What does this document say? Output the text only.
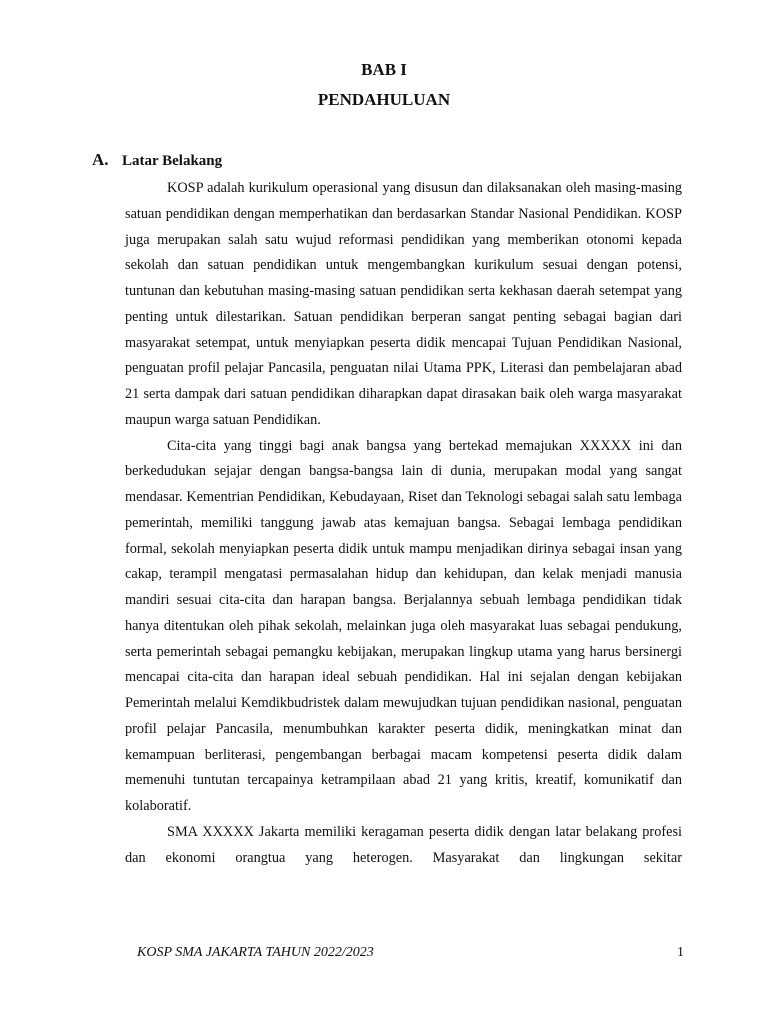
BAB I
PENDAHULUAN
A. Latar Belakang

KOSP adalah kurikulum operasional yang disusun dan dilaksanakan oleh masing-masing satuan pendidikan dengan memperhatikan dan berdasarkan Standar Nasional Pendidikan. KOSP juga merupakan salah satu wujud reformasi pendidikan yang memberikan otonomi kepada sekolah dan satuan pendidikan untuk mengembangkan kurikulum sesuai dengan potensi, tuntunan dan kebutuhan masing-masing satuan pendidikan serta kekhasan daerah setempat yang penting untuk dilestarikan. Satuan pendidikan berperan sangat penting sebagai bagian dari masyarakat setempat, untuk menyiapkan peserta didik mencapai Tujuan Pendidikan Nasional, penguatan profil pelajar Pancasila, penguatan nilai Utama PPK, Literasi dan pembelajaran abad 21 serta dampak dari satuan pendidikan diharapkan dapat dirasakan baik oleh warga masyarakat maupun warga satuan Pendidikan.

Cita-cita yang tinggi bagi anak bangsa yang bertekad memajukan XXXXX ini dan berkedudukan sejajar dengan bangsa-bangsa lain di dunia, merupakan modal yang sangat mendasar. Kementrian Pendidikan, Kebudayaan, Riset dan Teknologi sebagai salah satu lembaga pemerintah, memiliki tanggung jawab atas kemajuan bangsa. Sebagai lembaga pendidikan formal, sekolah menyiapkan peserta didik untuk mampu menjadikan dirinya sebagai insan yang cakap, terampil mengatasi permasalahan hidup dan kehidupan, dan kelak menjadi manusia mandiri sesuai cita-cita dan harapan bangsa. Berjalannya sebuah lembaga pendidikan tidak hanya ditentukan oleh pihak sekolah, melainkan juga oleh masyarakat luas sebagai pendukung, serta pemerintah sebagai pemangku kebijakan, merupakan lingkup utama yang harus bersinergi mencapai cita-cita dan harapan ideal sebuah pendidikan. Hal ini sejalan dengan kebijakan Pemerintah melalui Kemdikbudristek dalam mewujudkan tujuan pendidikan nasional, penguatan profil pelajar Pancasila, menumbuhkan karakter peserta didik, meningkatkan minat dan kemampuan berliterasi, pengembangan berbagai macam kompetensi peserta didik dalam memenuhi tuntutan tercapainya ketrampilaan abad 21 yang kritis, kreatif, komunikatif dan kolaboratif.

SMA XXXXX Jakarta memiliki keragaman peserta didik dengan latar belakang profesi dan ekonomi orangtua yang heterogen. Masyarakat dan lingkungan sekitar

KOSP SMA JAKARTA TAHUN 2022/2023	1
